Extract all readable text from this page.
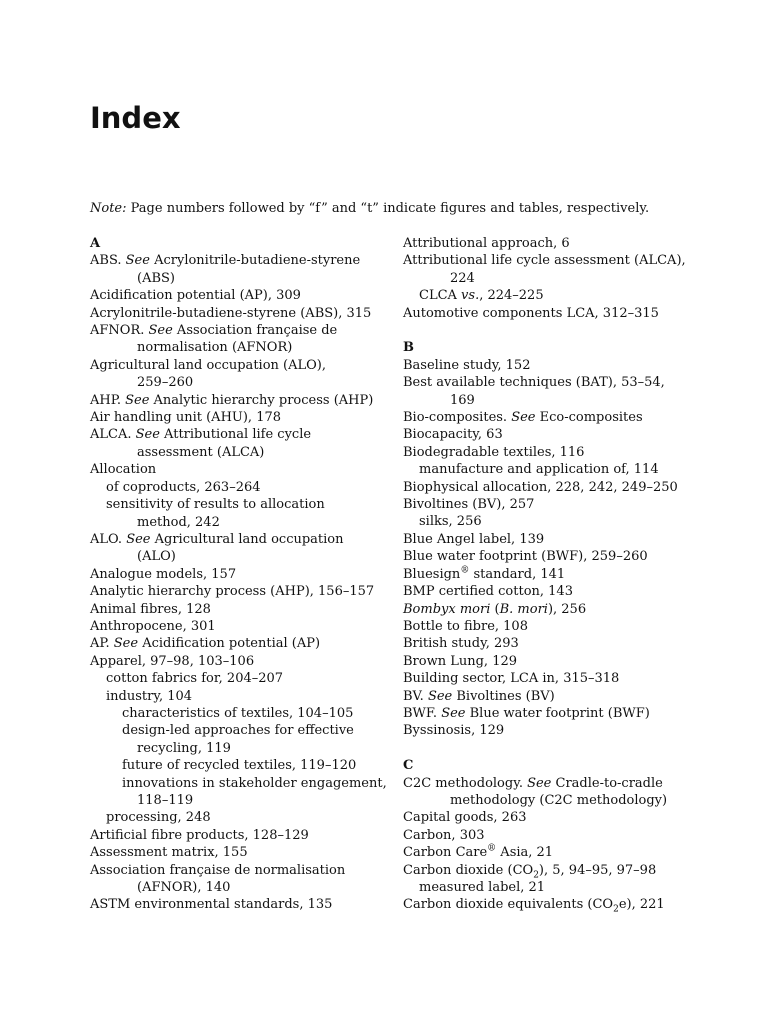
Index
Note: Page numbers followed by “f” and “t” indicate figures and tables, respectively.
A
ABS. See Acrylonitrile-butadiene-styrene
(ABS)
Acidification potential (AP), 309
Acrylonitrile-butadiene-styrene (ABS), 315
AFNOR. See Association française de
normalisation (AFNOR)
Agricultural land occupation (ALO),
259–260
AHP. See Analytic hierarchy process (AHP)
Air handling unit (AHU), 178
ALCA. See Attributional life cycle
assessment (ALCA)
Allocation
of coproducts, 263–264
sensitivity of results to allocation
method, 242
ALO. See Agricultural land occupation
(ALO)
Analogue models, 157
Analytic hierarchy process (AHP), 156–157
Animal fibres, 128
Anthropocene, 301
AP. See Acidification potential (AP)
Apparel, 97–98, 103–106
cotton fabrics for, 204–207
industry, 104
characteristics of textiles, 104–105
design-led approaches for effective
recycling, 119
future of recycled textiles, 119–120
innovations in stakeholder engagement,
118–119
processing, 248
Artificial fibre products, 128–129
Assessment matrix, 155
Association française de normalisation
(AFNOR), 140
ASTM environmental standards, 135
Attributional approach, 6
Attributional life cycle assessment (ALCA),
224
CLCA vs., 224–225
Automotive components LCA, 312–315
B
Baseline study, 152
Best available techniques (BAT), 53–54,
169
Bio-composites. See Eco-composites
Biocapacity, 63
Biodegradable textiles, 116
manufacture and application of, 114
Biophysical allocation, 228, 242, 249–250
Bivoltines (BV), 257
silks, 256
Blue Angel label, 139
Blue water footprint (BWF), 259–260
Bluesign® standard, 141
BMP certified cotton, 143
Bombyx mori (B. mori), 256
Bottle to fibre, 108
British study, 293
Brown Lung, 129
Building sector, LCA in, 315–318
BV. See Bivoltines (BV)
BWF. See Blue water footprint (BWF)
Byssinosis, 129
C
C2C methodology. See Cradle-to-cradle
methodology (C2C methodology)
Capital goods, 263
Carbon, 303
Carbon Care® Asia, 21
Carbon dioxide $(CO_2)$, 5, 94–95, 97–98
measured label, 21
Carbon dioxide equivalents $(CO_2e)$, 221
